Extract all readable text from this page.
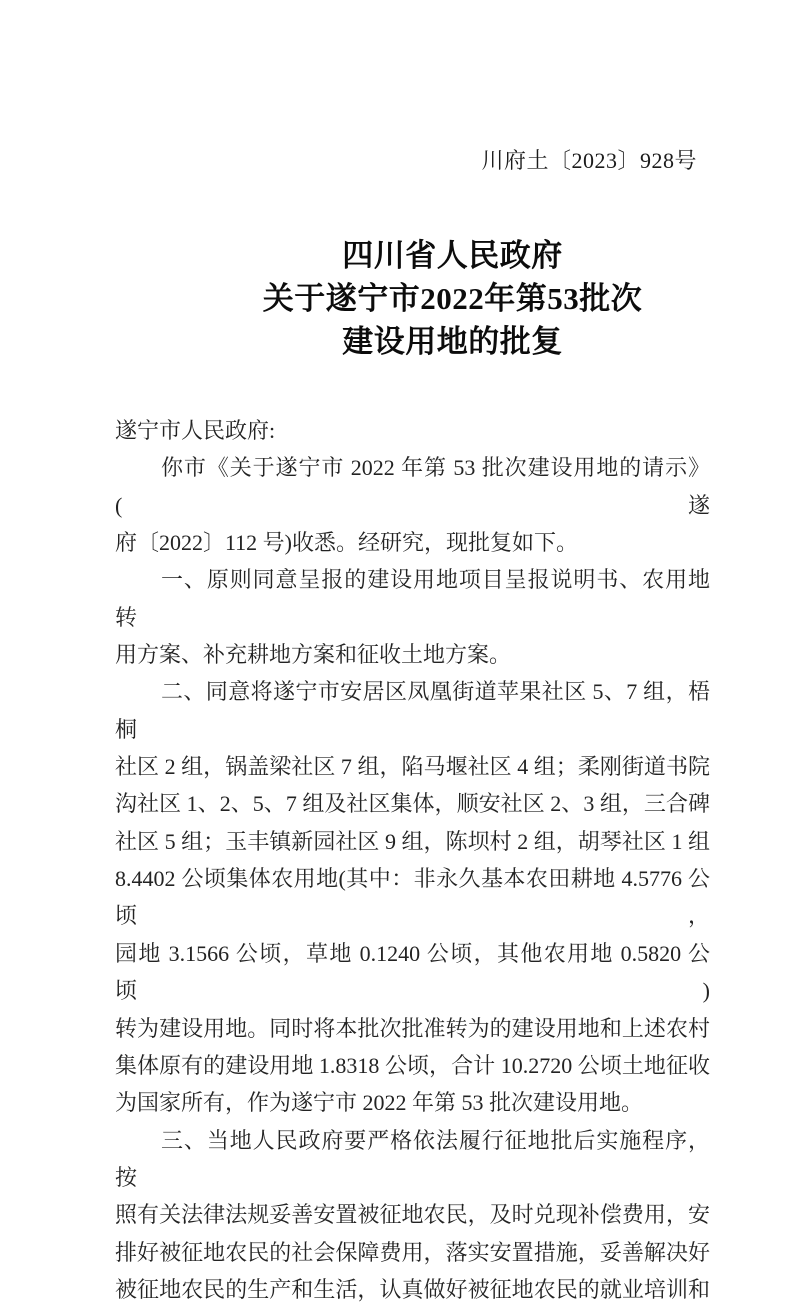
川府土〔2023〕928号
四川省人民政府
关于遂宁市2022年第53批次
建设用地的批复
遂宁市人民政府:
你市《关于遂宁市 2022 年第 53 批次建设用地的请示》(遂
府〔2022〕112 号)收悉。经研究，现批复如下。
一、原则同意呈报的建设用地项目呈报说明书、农用地转
用方案、补充耕地方案和征收土地方案。
二、同意将遂宁市安居区凤凰街道苹果社区 5、7 组，梧桐
社区 2 组，锅盖梁社区 7 组，陷马堰社区 4 组；柔刚街道书院
沟社区 1、2、5、7 组及社区集体，顺安社区 2、3 组，三合碑
社区 5 组；玉丰镇新园社区 9 组，陈坝村 2 组，胡琴社区 1 组
8.4402 公顷集体农用地(其中：非永久基本农田耕地 4.5776 公顷，
园地 3.1566 公顷，草地 0.1240 公顷，其他农用地 0.5820 公顷)
转为建设用地。同时将本批次批准转为的建设用地和上述农村
集体原有的建设用地 1.8318 公顷，合计 10.2720 公顷土地征收
为国家所有，作为遂宁市 2022 年第 53 批次建设用地。
三、当地人民政府要严格依法履行征地批后实施程序，按
照有关法律法规妥善安置被征地农民，及时兑现补偿费用，安
排好被征地农民的社会保障费用，落实安置措施，妥善解决好
被征地农民的生产和生活，认真做好被征地农民的就业培训和
